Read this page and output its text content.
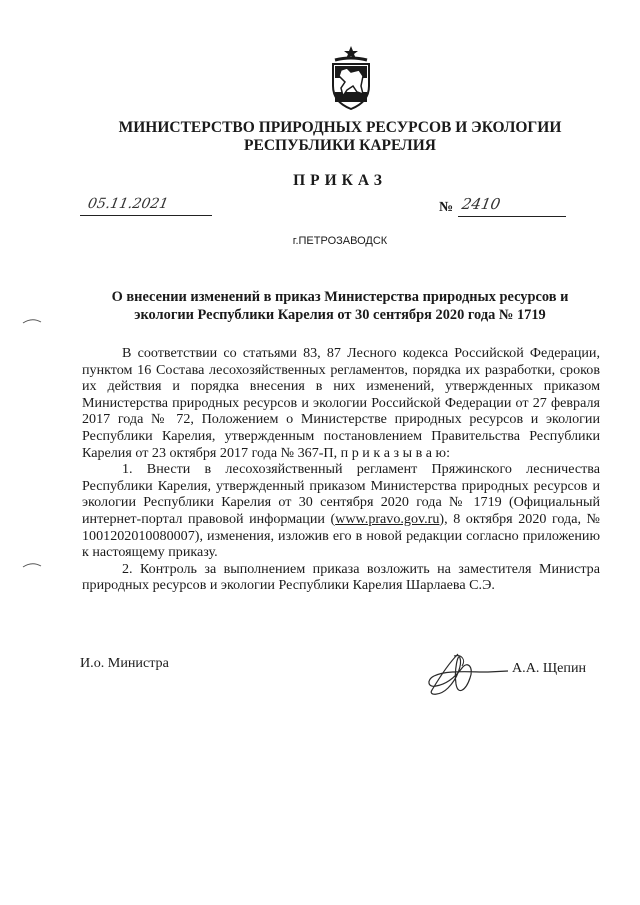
МИНИСТЕРСТВО ПРИРОДНЫХ РЕСУРСОВ И ЭКОЛОГИИ
РЕСПУБЛИКИ КАРЕЛИЯ
ПРИКАЗ
05.11.2021	№ 2410
г.ПЕТРОЗАВОДСК
О внесении изменений в приказ Министерства природных ресурсов и
экологии Республики Карелия от 30 сентября 2020 года № 1719

В соответствии со статьями 83, 87 Лесного кодекса Российской Федерации, пунктом 16 Состава лесохозяйственных регламентов, порядка их разработки, сроков их действия и порядка внесения в них изменений, утвержденных приказом Министерства природных ресурсов и экологии Российской Федерации от 27 февраля 2017 года № 72, Положением о Министерстве природных ресурсов и экологии Республики Карелия, утвержденным постановлением Правительства Республики Карелия от 23 октября 2017 года № 367-П, п р и к а з ы в а ю:

1. Внести в лесохозяйственный регламент Пряжинского лесничества Республики Карелия, утвержденный приказом Министерства природных ресурсов и экологии Республики Карелия от 30 сентября 2020 года № 1719 (Официальный интернет-портал правовой информации (www.pravo.gov.ru), 8 октября 2020 года, № 1001202010080007), изменения, изложив его в новой редакции согласно приложению к настоящему приказу.

2. Контроль за выполнением приказа возложить на заместителя Министра природных ресурсов и экологии Республики Карелия Шарлаева С.Э.

И.о. Министра	А.А. Щепин
